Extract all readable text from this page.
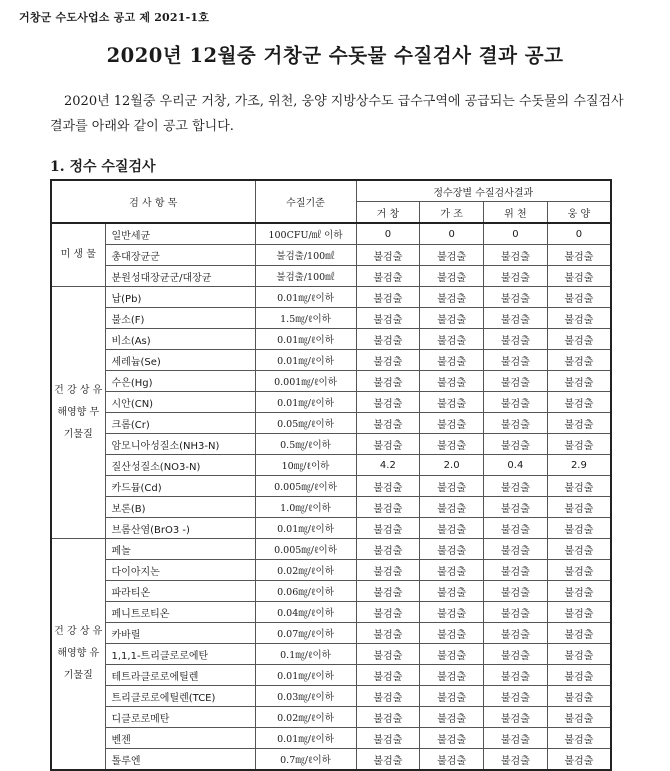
거창군 수도사업소 공고 제 2021-1호
2020년 12월중 거창군 수돗물 수질검사 결과 공고
2020년 12월중 우리군 거창, 가조, 위천, 웅양 지방상수도 급수구역에 공급되는 수돗물의 수질검사 결과를 아래와 같이 공고 합니다.
1. 정수 수질검사
검 사 항 목		수질기준	정수장별 수질검사결과			
			거 창	가 조	위 천	웅 양
미 생 물	일반세균	100CFU/㎖ 이하	0	0	0	0
	총대장균군	불검출/100㎖	불검출	불검출	불검출	불검출
	분원성대장균군/대장균	불검출/100㎖	불검출	불검출	불검출	불검출
건 강 상 유해영향 무기물질	납(Pb)	0.01㎎/ℓ이하	불검출	불검출	불검출	불검출
	불소(F)	1.5㎎/ℓ이하	불검출	불검출	불검출	불검출
	비소(As)	0.01㎎/ℓ이하	불검출	불검출	불검출	불검출
	세레늄(Se)	0.01㎎/ℓ이하	불검출	불검출	불검출	불검출
	수은(Hg)	0.001㎎/ℓ이하	불검출	불검출	불검출	불검출
	시안(CN)	0.01㎎/ℓ이하	불검출	불검출	불검출	불검출
	크롬(Cr)	0.05㎎/ℓ이하	불검출	불검출	불검출	불검출
	암모니아성질소(NH3-N)	0.5㎎/ℓ이하	불검출	불검출	불검출	불검출
	질산성질소(NO3-N)	10㎎/ℓ이하	4.2	2.0	0.4	2.9
	카드뮴(Cd)	0.005㎎/ℓ이하	불검출	불검출	불검출	불검출
	보론(B)	1.0㎎/ℓ이하	불검출	불검출	불검출	불검출
	브롬산염(BrO3 -)	0.01㎎/ℓ이하	불검출	불검출	불검출	불검출
건 강 상 유해영향 유기물질	페놀	0.005㎎/ℓ이하	불검출	불검출	불검출	불검출
	다이아지논	0.02㎎/ℓ이하	불검출	불검출	불검출	불검출
	파라티온	0.06㎎/ℓ이하	불검출	불검출	불검출	불검출
	페니트로티온	0.04㎎/ℓ이하	불검출	불검출	불검출	불검출
	카바릴	0.07㎎/ℓ이하	불검출	불검출	불검출	불검출
	1,1,1-트리클로로에탄	0.1㎎/ℓ이하	불검출	불검출	불검출	불검출
	테트라클로로에틸렌	0.01㎎/ℓ이하	불검출	불검출	불검출	불검출
	트리클로로에틸렌(TCE)	0.03㎎/ℓ이하	불검출	불검출	불검출	불검출
	디클로로메탄	0.02㎎/ℓ이하	불검출	불검출	불검출	불검출
	벤젠	0.01㎎/ℓ이하	불검출	불검출	불검출	불검출
	톨루엔	0.7㎎/ℓ이하	불검출	불검출	불검출	불검출
